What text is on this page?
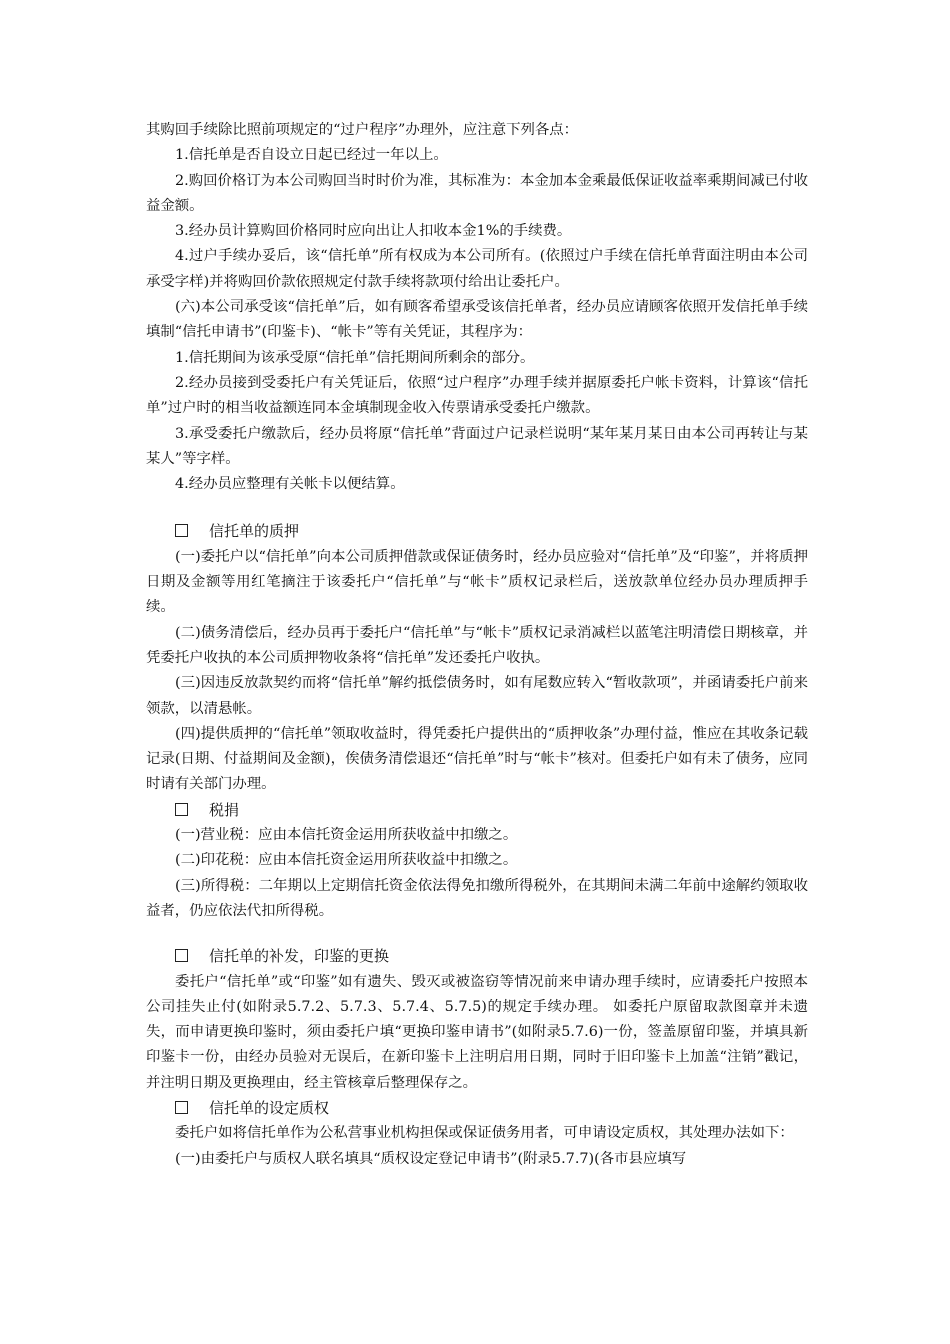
其购回手续除比照前项规定的“过户程序”办理外，应注意下列各点：

1.信托单是否自设立日起已经过一年以上。

2.购回价格订为本公司购回当时时价为准，其标准为：本金加本金乘最低保证收益率乘期间减已付收益金额。

3.经办员计算购回价格同时应向出让人扣收本金1%的手续费。

4.过户手续办妥后，该“信托单”所有权成为本公司所有。(依照过户手续在信托单背面注明由本公司承受字样)并将购回价款依照规定付款手续将款项付给出让委托户。

(六)本公司承受该“信托单”后，如有顾客希望承受该信托单者，经办员应请顾客依照开发信托单手续填制“信托申请书”(印鉴卡)、“帐卡”等有关凭证，其程序为：

1.信托期间为该承受原“信托单”信托期间所剩余的部分。

2.经办员接到受委托户有关凭证后，依照“过户程序”办理手续并据原委托户帐卡资料，计算该“信托单”过户时的相当收益额连同本金填制现金收入传票请承受委托户缴款。

3.承受委托户缴款后，经办员将原“信托单”背面过户记录栏说明“某年某月某日由本公司再转让与某某人”等字样。

4.经办员应整理有关帐卡以便结算。

信托单的质押

(一)委托户以“信托单”向本公司质押借款或保证债务时，经办员应验对“信托单”及“印鉴”，并将质押日期及金额等用红笔摘注于该委托户“信托单”与“帐卡”质权记录栏后，送放款单位经办员办理质押手续。

(二)债务清偿后，经办员再于委托户“信托单”与“帐卡”质权记录消减栏以蓝笔注明清偿日期核章，并凭委托户收执的本公司质押物收条将“信托单”发还委托户收执。

(三)因违反放款契约而将“信托单”解约抵偿债务时，如有尾数应转入“暂收款项”，并函请委托户前来领款，以清悬帐。

(四)提供质押的“信托单”领取收益时，得凭委托户提供出的“质押收条”办理付益，惟应在其收条记载记录(日期、付益期间及金额)，俟债务清偿退还“信托单”时与“帐卡”核对。但委托户如有未了债务，应同时请有关部门办理。

税捐

(一)营业税：应由本信托资金运用所获收益中扣缴之。

(二)印花税：应由本信托资金运用所获收益中扣缴之。

(三)所得税：二年期以上定期信托资金依法得免扣缴所得税外，在其期间未满二年前中途解约领取收益者，仍应依法代扣所得税。

信托单的补发，印鉴的更换

委托户“信托单”或“印鉴”如有遗失、毁灭或被盗窃等情况前来申请办理手续时，应请委托户按照本公司挂失止付(如附录5.7.2、5.7.3、5.7.4、5.7.5)的规定手续办理。 如委托户原留取款图章并未遗失，而申请更换印鉴时，须由委托户填“更换印鉴申请书”(如附录5.7.6)一份，签盖原留印鉴，并填具新印鉴卡一份，由经办员验对无误后，在新印鉴卡上注明启用日期，同时于旧印鉴卡上加盖“注销”戳记，并注明日期及更换理由，经主管核章后整理保存之。

信托单的设定质权

委托户如将信托单作为公私营事业机构担保或保证债务用者，可申请设定质权，其处理办法如下：

(一)由委托户与质权人联名填具“质权设定登记申请书”(附录5.7.7)(各市县应填写
